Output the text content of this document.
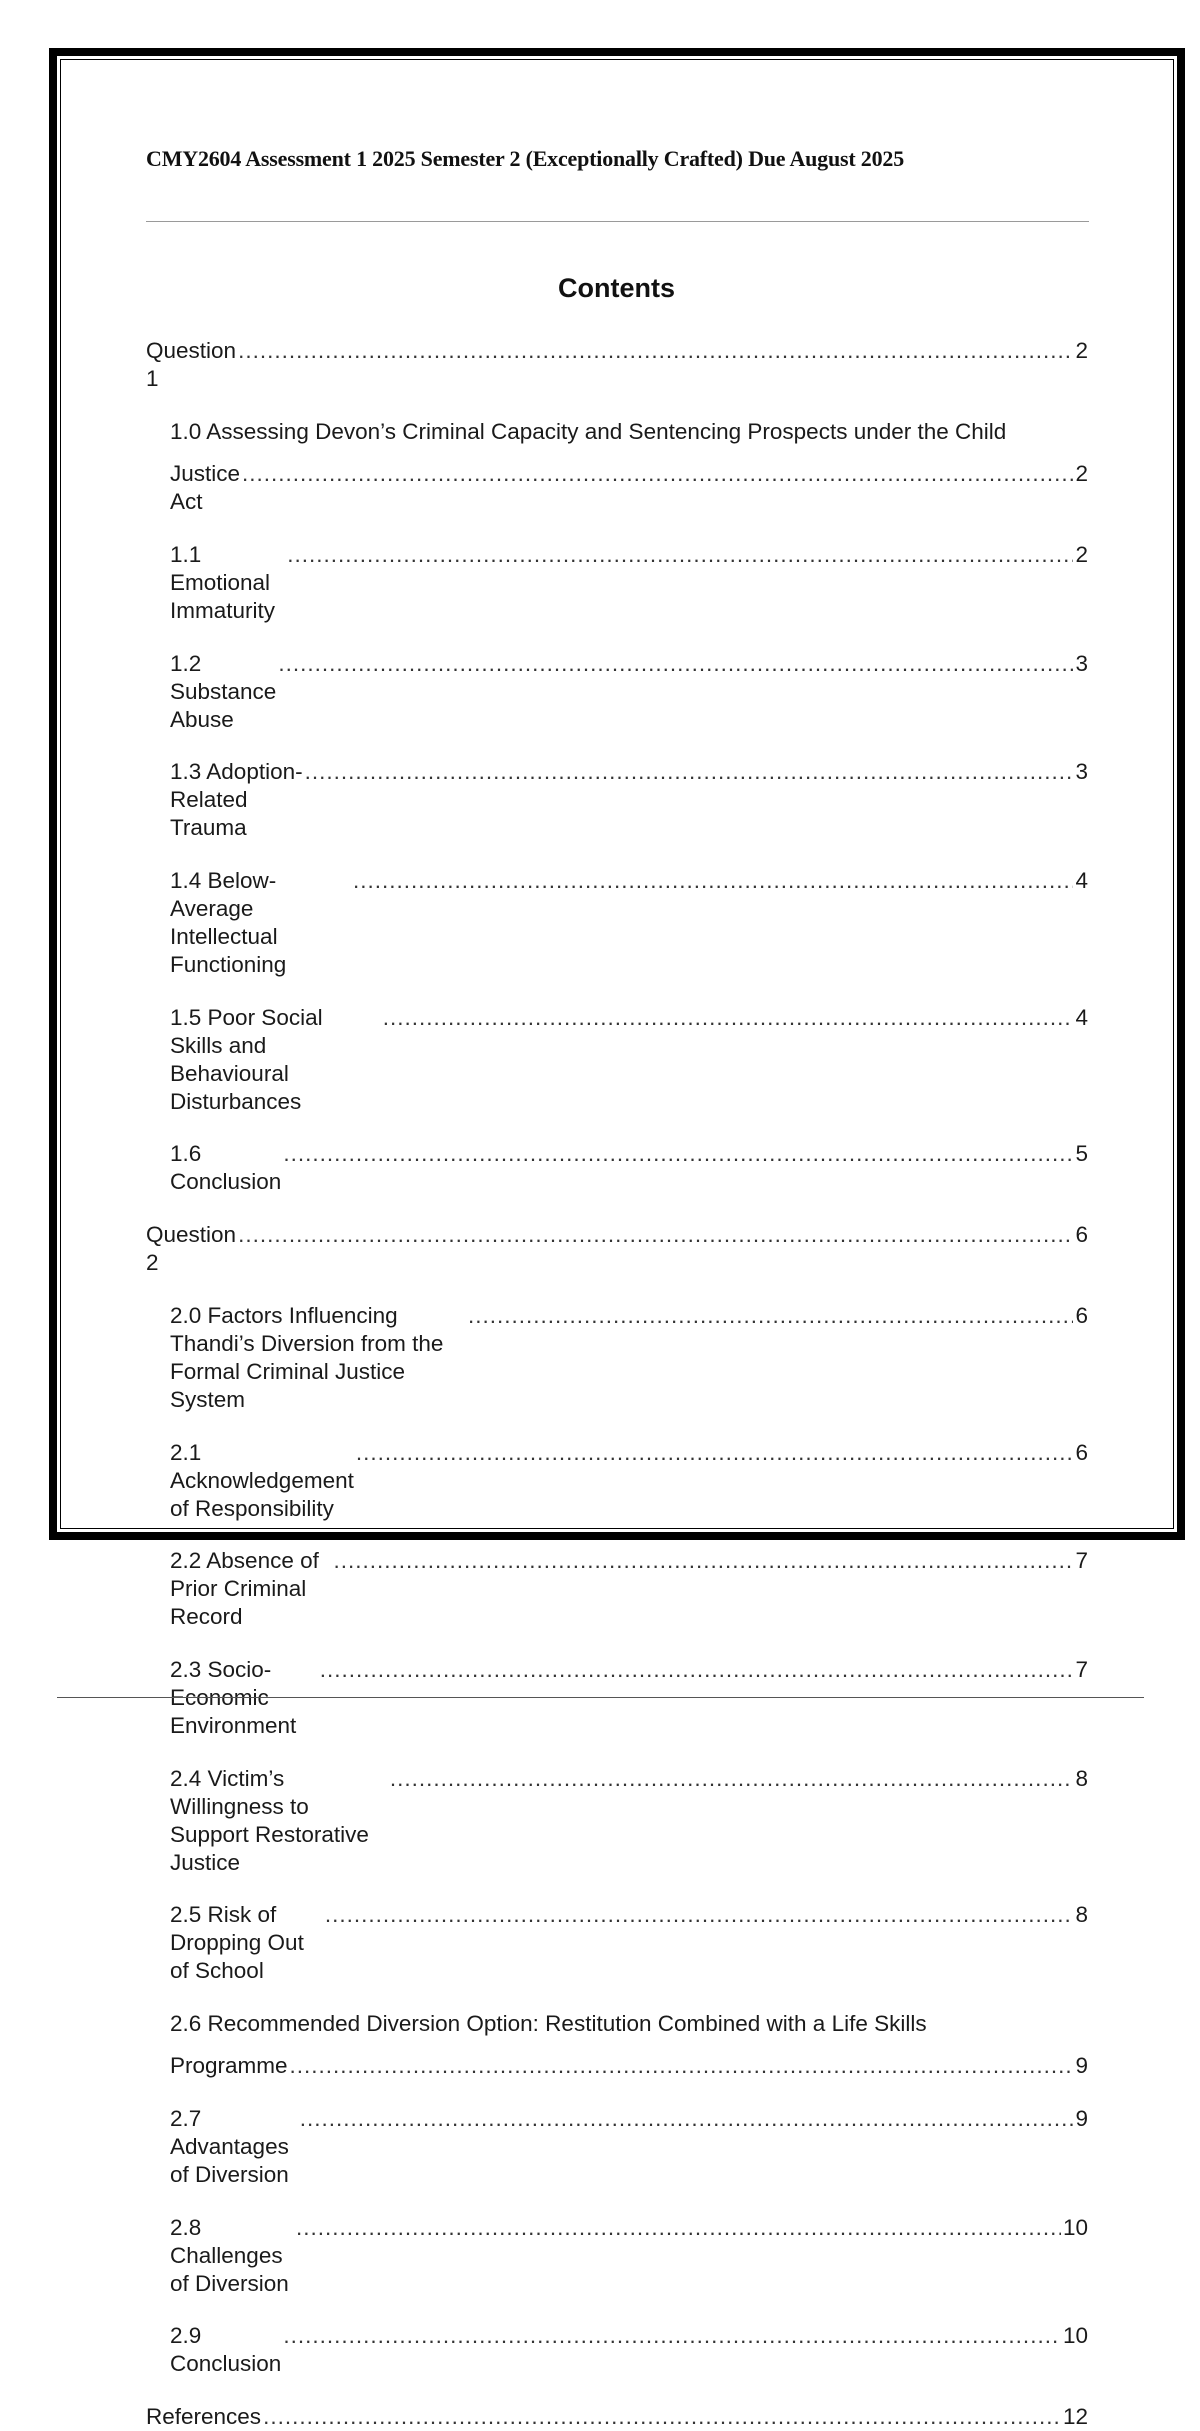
CMY2604 Assessment 1 2025 Semester 2 (Exceptionally Crafted) Due August 2025
Contents
Question 1
.....
2
1.0 Assessing Devon’s Criminal Capacity and Sentencing Prospects under the Child
Justice Act
.....
2
1.1 Emotional Immaturity
.....
2
1.2 Substance Abuse
.....
3
1.3 Adoption-Related Trauma
.....
3
1.4 Below-Average Intellectual Functioning
.....
4
1.5 Poor Social Skills and Behavioural Disturbances
.....
4
1.6 Conclusion
.....
5
Question 2
.....
6
2.0 Factors Influencing Thandi’s Diversion from the Formal Criminal Justice System
.....
6
2.1 Acknowledgement of Responsibility
.....
6
2.2 Absence of Prior Criminal Record
.....
7
2.3 Socio-Economic Environment
.....
7
2.4 Victim’s Willingness to Support Restorative Justice
.....
8
2.5 Risk of Dropping Out of School
.....
8
2.6 Recommended Diversion Option: Restitution Combined with a Life Skills
Programme .....	9
2.7 Advantages of Diversion
.....
9
2.8 Challenges of Diversion
.....
10
2.9 Conclusion
.....
10
References .....	12
